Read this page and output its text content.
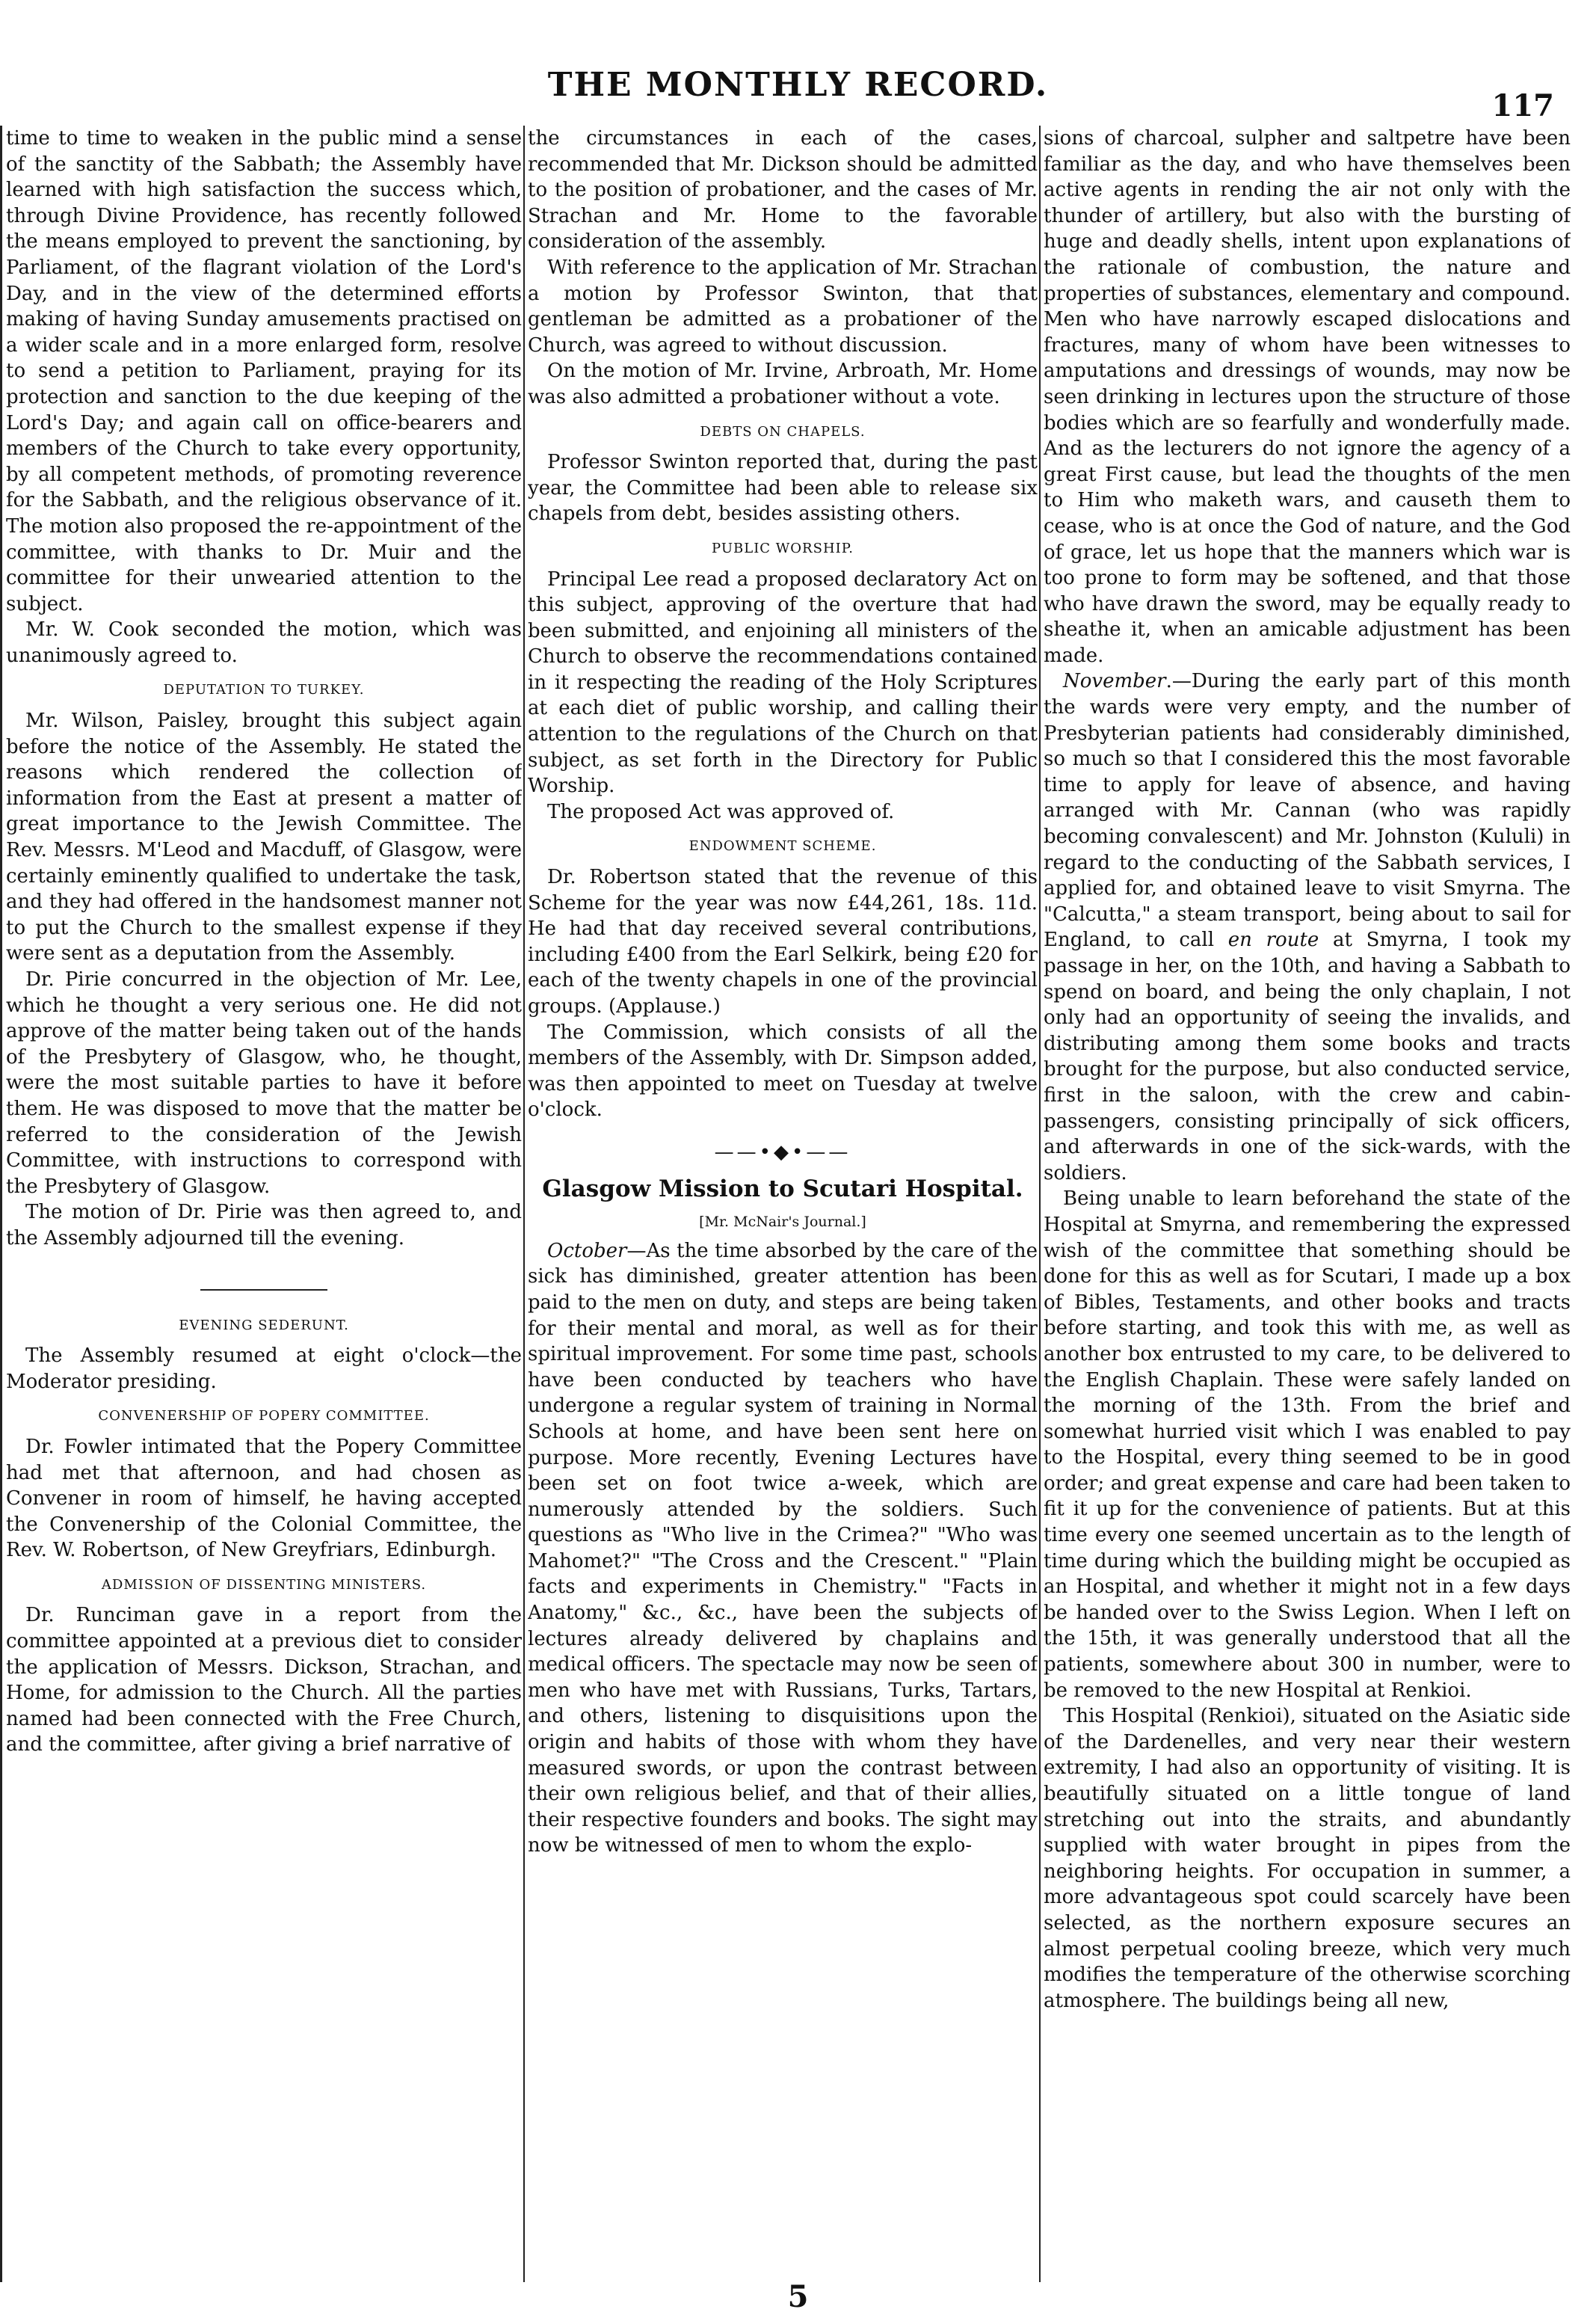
THE MONTHLY RECORD.
117

time to time to weaken in the public mind a sense of the sanctity of the Sabbath; the Assembly have learned with high satisfaction the success which, through Divine Providence, has recently followed the means employed to prevent the sanctioning, by Parliament, of the flagrant violation of the Lord's Day, and in the view of the determined efforts making of having Sunday amusements practised on a wider scale and in a more enlarged form, resolve to send a petition to Parliament, praying for its protection and sanction to the due keeping of the Lord's Day; and again call on office-bearers and members of the Church to take every opportunity, by all competent methods, of promoting reverence for the Sabbath, and the religious observance of it. The motion also proposed the re-appointment of the committee, with thanks to Dr. Muir and the committee for their unwearied attention to the subject.

Mr. W. Cook seconded the motion, which was unanimously agreed to.

DEPUTATION TO TURKEY.

Mr. Wilson, Paisley, brought this subject again before the notice of the Assembly. He stated the reasons which rendered the collection of information from the East at present a matter of great importance to the Jewish Committee. The Rev. Messrs. M'Leod and Macduff, of Glasgow, were certainly eminently qualified to undertake the task, and they had offered in the handsomest manner not to put the Church to the smallest expense if they were sent as a deputation from the Assembly.

Dr. Pirie concurred in the objection of Mr. Lee, which he thought a very serious one. He did not approve of the matter being taken out of the hands of the Presbytery of Glasgow, who, he thought, were the most suitable parties to have it before them. He was disposed to move that the matter be referred to the consideration of the Jewish Committee, with instructions to correspond with the Presbytery of Glasgow.

The motion of Dr. Pirie was then agreed to, and the Assembly adjourned till the evening.

EVENING SEDERUNT.

The Assembly resumed at eight o'clock—the Moderator presiding.

CONVENERSHIP OF POPERY COMMITTEE.

Dr. Fowler intimated that the Popery Committee had met that afternoon, and had chosen as Convener in room of himself, he having accepted the Convenership of the Colonial Committee, the Rev. W. Robertson, of New Greyfriars, Edinburgh.

ADMISSION OF DISSENTING MINISTERS.

Dr. Runciman gave in a report from the committee appointed at a previous diet to consider the application of Messrs. Dickson, Strachan, and Home, for admission to the Church. All the parties named had been connected with the Free Church, and the committee, after giving a brief narrative of

the circumstances in each of the cases, recommended that Mr. Dickson should be admitted to the position of probationer, and the cases of Mr. Strachan and Mr. Home to the favorable consideration of the assembly.

With reference to the application of Mr. Strachan a motion by Professor Swinton, that that gentleman be admitted as a probationer of the Church, was agreed to without discussion.

On the motion of Mr. Irvine, Arbroath, Mr. Home was also admitted a probationer without a vote.

DEBTS ON CHAPELS.

Professor Swinton reported that, during the past year, the Committee had been able to release six chapels from debt, besides assisting others.

PUBLIC WORSHIP.

Principal Lee read a proposed declaratory Act on this subject, approving of the overture that had been submitted, and enjoining all ministers of the Church to observe the recommendations contained in it respecting the reading of the Holy Scriptures at each diet of public worship, and calling their attention to the regulations of the Church on that subject, as set forth in the Directory for Public Worship.

The proposed Act was approved of.

ENDOWMENT SCHEME.

Dr. Robertson stated that the revenue of this Scheme for the year was now £44,261, 18s. 11d. He had that day received several contributions, including £400 from the Earl Selkirk, being £20 for each of the twenty chapels in one of the provincial groups. (Applause.)

The Commission, which consists of all the members of the Assembly, with Dr. Simpson added, was then appointed to meet on Tuesday at twelve o'clock.

——•◆•——
Glasgow Mission to Scutari Hospital.
[Mr. McNair's Journal.]

October—As the time absorbed by the care of the sick has diminished, greater attention has been paid to the men on duty, and steps are being taken for their mental and moral, as well as for their spiritual improvement. For some time past, schools have been conducted by teachers who have undergone a regular system of training in Normal Schools at home, and have been sent here on purpose. More recently, Evening Lectures have been set on foot twice a-week, which are numerously attended by the soldiers. Such questions as "Who live in the Crimea?" "Who was Mahomet?" "The Cross and the Crescent." "Plain facts and experiments in Chemistry." "Facts in Anatomy," &c., &c., have been the subjects of lectures already delivered by chaplains and medical officers. The spectacle may now be seen of men who have met with Russians, Turks, Tartars, and others, listening to disquisitions upon the origin and habits of those with whom they have measured swords, or upon the contrast between their own religious belief, and that of their allies, their respective founders and books. The sight may now be witnessed of men to whom the explo-

sions of charcoal, sulpher and saltpetre have been familiar as the day, and who have themselves been active agents in rending the air not only with the thunder of artillery, but also with the bursting of huge and deadly shells, intent upon explanations of the rationale of combustion, the nature and properties of substances, elementary and compound. Men who have narrowly escaped dislocations and fractures, many of whom have been witnesses to amputations and dressings of wounds, may now be seen drinking in lectures upon the structure of those bodies which are so fearfully and wonderfully made. And as the lecturers do not ignore the agency of a great First cause, but lead the thoughts of the men to Him who maketh wars, and causeth them to cease, who is at once the God of nature, and the God of grace, let us hope that the manners which war is too prone to form may be softened, and that those who have drawn the sword, may be equally ready to sheathe it, when an amicable adjustment has been made.

November.—During the early part of this month the wards were very empty, and the number of Presbyterian patients had considerably diminished, so much so that I considered this the most favorable time to apply for leave of absence, and having arranged with Mr. Cannan (who was rapidly becoming convalescent) and Mr. Johnston (Kululi) in regard to the conducting of the Sabbath services, I applied for, and obtained leave to visit Smyrna. The "Calcutta," a steam transport, being about to sail for England, to call en route at Smyrna, I took my passage in her, on the 10th, and having a Sabbath to spend on board, and being the only chaplain, I not only had an opportunity of seeing the invalids, and distributing among them some books and tracts brought for the purpose, but also conducted service, first in the saloon, with the crew and cabin-passengers, consisting principally of sick officers, and afterwards in one of the sick-wards, with the soldiers.

Being unable to learn beforehand the state of the Hospital at Smyrna, and remembering the expressed wish of the committee that something should be done for this as well as for Scutari, I made up a box of Bibles, Testaments, and other books and tracts before starting, and took this with me, as well as another box entrusted to my care, to be delivered to the English Chaplain. These were safely landed on the morning of the 13th. From the brief and somewhat hurried visit which I was enabled to pay to the Hospital, every thing seemed to be in good order; and great expense and care had been taken to fit it up for the convenience of patients. But at this time every one seemed uncertain as to the length of time during which the building might be occupied as an Hospital, and whether it might not in a few days be handed over to the Swiss Legion. When I left on the 15th, it was generally understood that all the patients, somewhere about 300 in number, were to be removed to the new Hospital at Renkioi.

This Hospital (Renkioi), situated on the Asiatic side of the Dardenelles, and very near their western extremity, I had also an opportunity of visiting. It is beautifully situated on a little tongue of land stretching out into the straits, and abundantly supplied with water brought in pipes from the neighboring heights. For occupation in summer, a more advantageous spot could scarcely have been selected, as the northern exposure secures an almost perpetual cooling breeze, which very much modifies the temperature of the otherwise scorching atmosphere. The buildings being all new,

5
